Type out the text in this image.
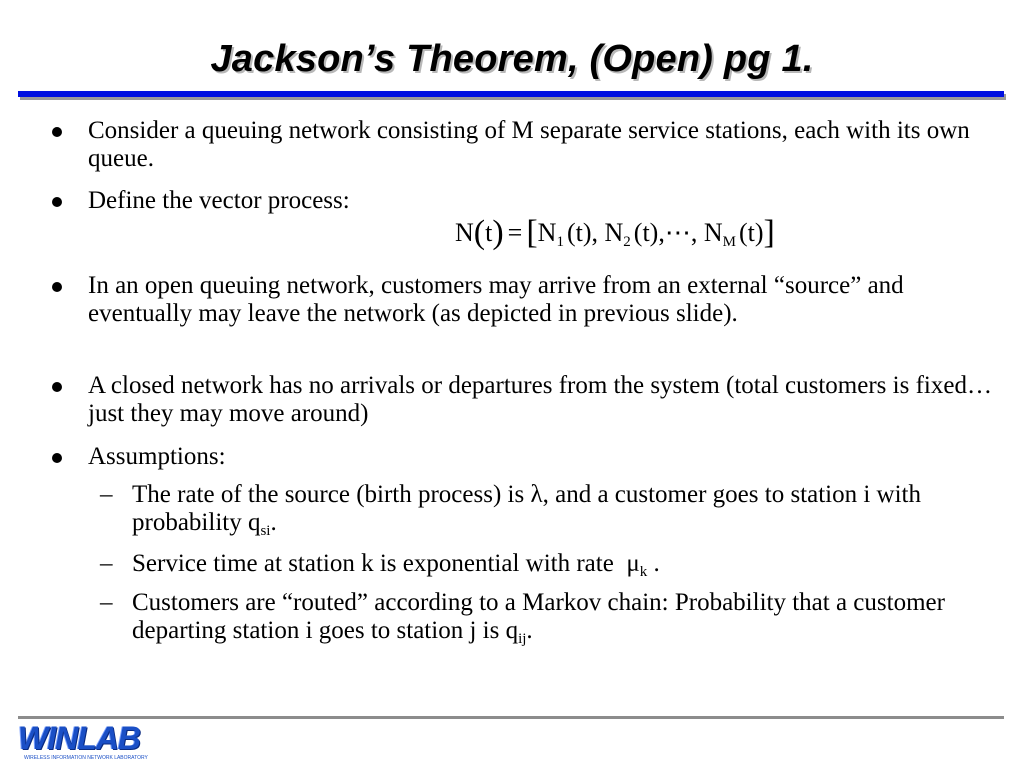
Jackson’s Theorem, (Open) pg 1.
Consider a queuing network consisting of M separate service stations, each with its own queue.
Define the vector process:
$N(t) = [N_1$ (t), $N_2$ (t),⋯, $N_M$ (t)]
In an open queuing network, customers may arrive from an external “source” and eventually may leave the network (as depicted in previous slide).
A closed network has no arrivals or departures from the system (total customers is fixed… just they may move around)
Assumptions:
– The rate of the source (birth process) is λ, and a customer goes to station i with probability $q_{si}$.
– Service time at station k is exponential with rate  $\mu_k$ .
– Customers are “routed” according to a Markov chain: Probability that a customer departing station i goes to station j is $q_{ij}$.
WINLAB
WIRELESS INFORMATION NETWORK LABORATORY
